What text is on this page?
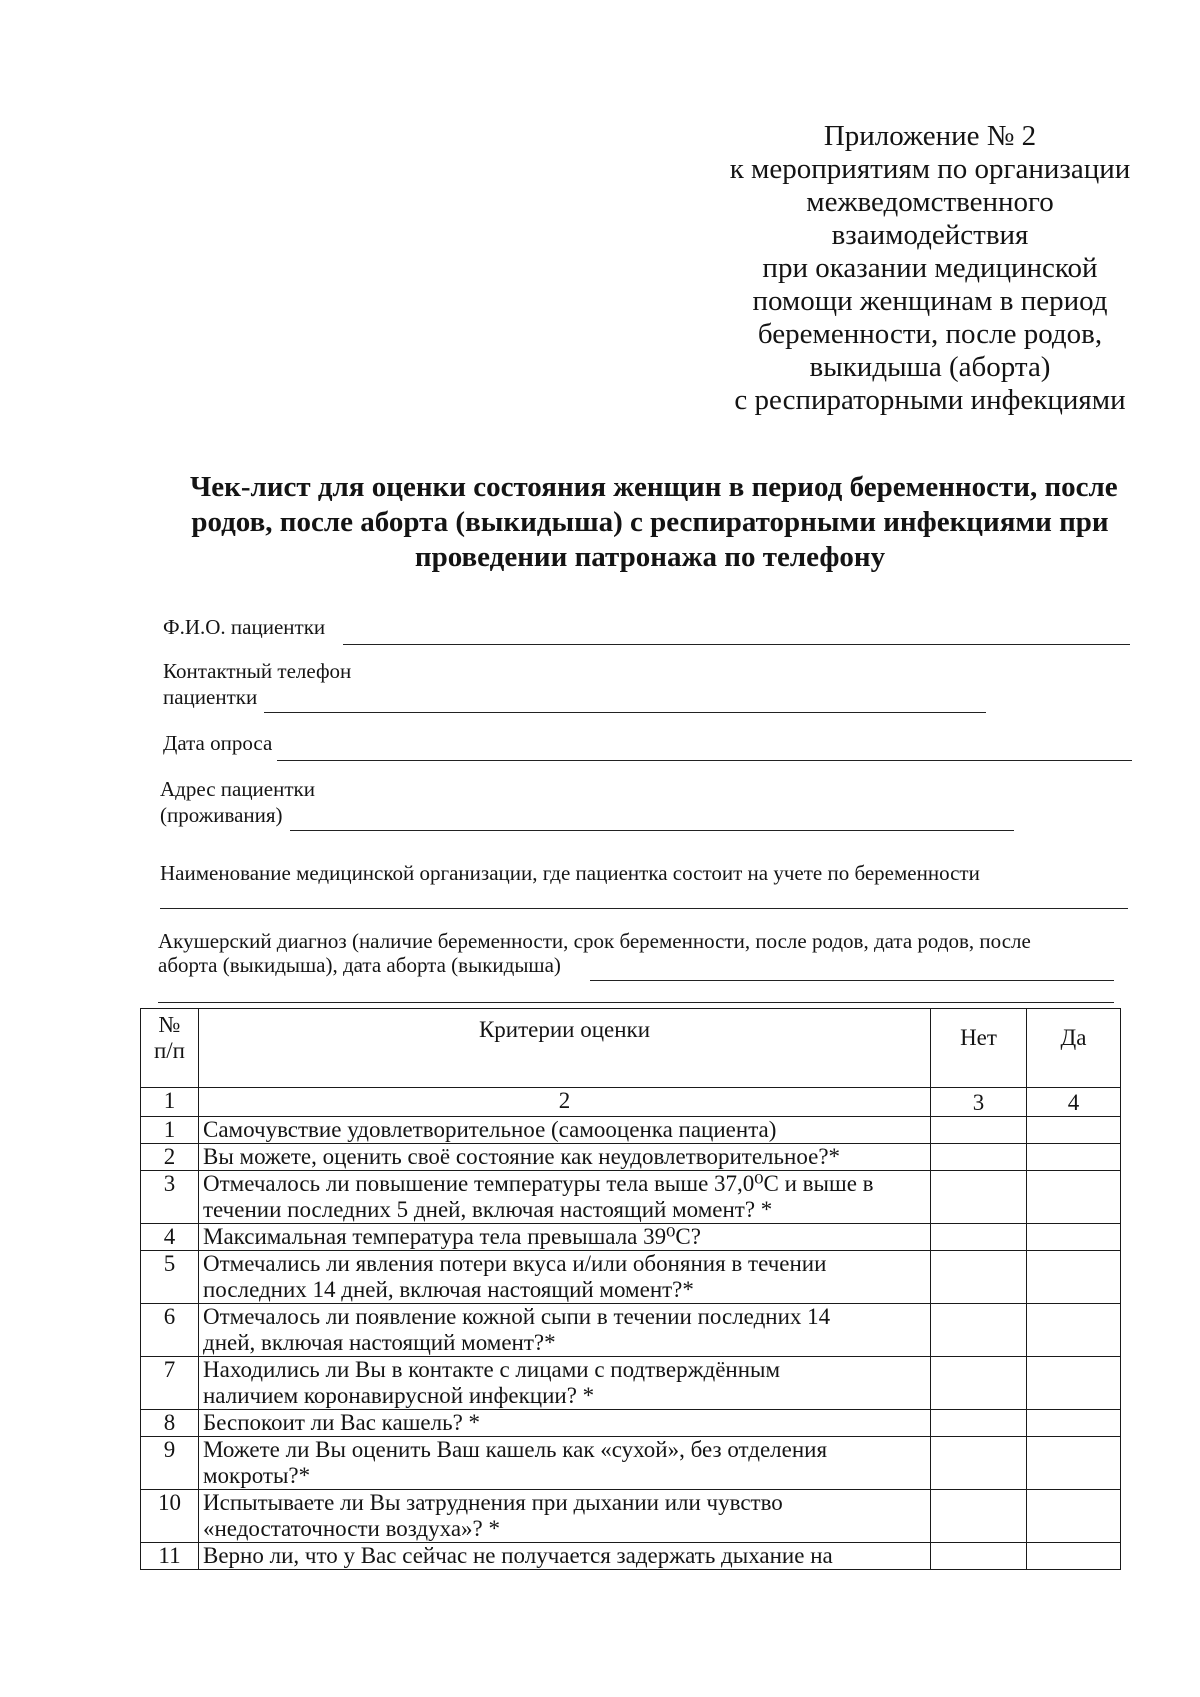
Приложение № 2
к мероприятиям по организации
межведомственного
взаимодействия
при оказании медицинской
помощи женщинам в период
беременности, после родов,
выкидыша (аборта)
с респираторными инфекциями
Чек-лист для оценки состояния женщин в период беременности, после
родов, после аборта (выкидыша) с респираторными инфекциями при
проведении патронажа по телефону
Ф.И.О. пациентки
Контактный телефон
пациентки
Дата опроса
Адрес пациентки
(проживания)
Наименование медицинской организации, где пациентка состоит на учете по беременности
Акушерский диагноз (наличие беременности, срок беременности, после родов, дата родов, после
аборта (выкидыша), дата аборта (выкидыша)
№
п/п	Критерии оценки	Нет	Да
1	2	3	4
1	Самочувствие удовлетворительное (самооценка пациента)		

2	Вы можете, оценить своё состояние как неудовлетворительное?*		

3	Отмечалось ли повышение температуры тела выше 37,0⁰С и выше в
течении последних 5 дней, включая настоящий момент? *		

4	Максимальная температура тела превышала 39⁰С?		

5	Отмечались ли явления потери вкуса и/или обоняния в течении
последних 14 дней, включая настоящий момент?*		

6	Отмечалось ли появление кожной сыпи в течении последних 14
дней, включая настоящий момент?*		

7	Находились ли Вы в контакте с лицами с подтверждённым
наличием коронавирусной инфекции? *		

8	Беспокоит ли Вас кашель? *		

9	Можете ли Вы оценить Ваш кашель как «сухой», без отделения
мокроты?*		

10	Испытываете ли Вы затруднения при дыхании или чувство
«недостаточности воздуха»? *		

11	Верно ли, что у Вас сейчас не получается задержать дыхание на		
